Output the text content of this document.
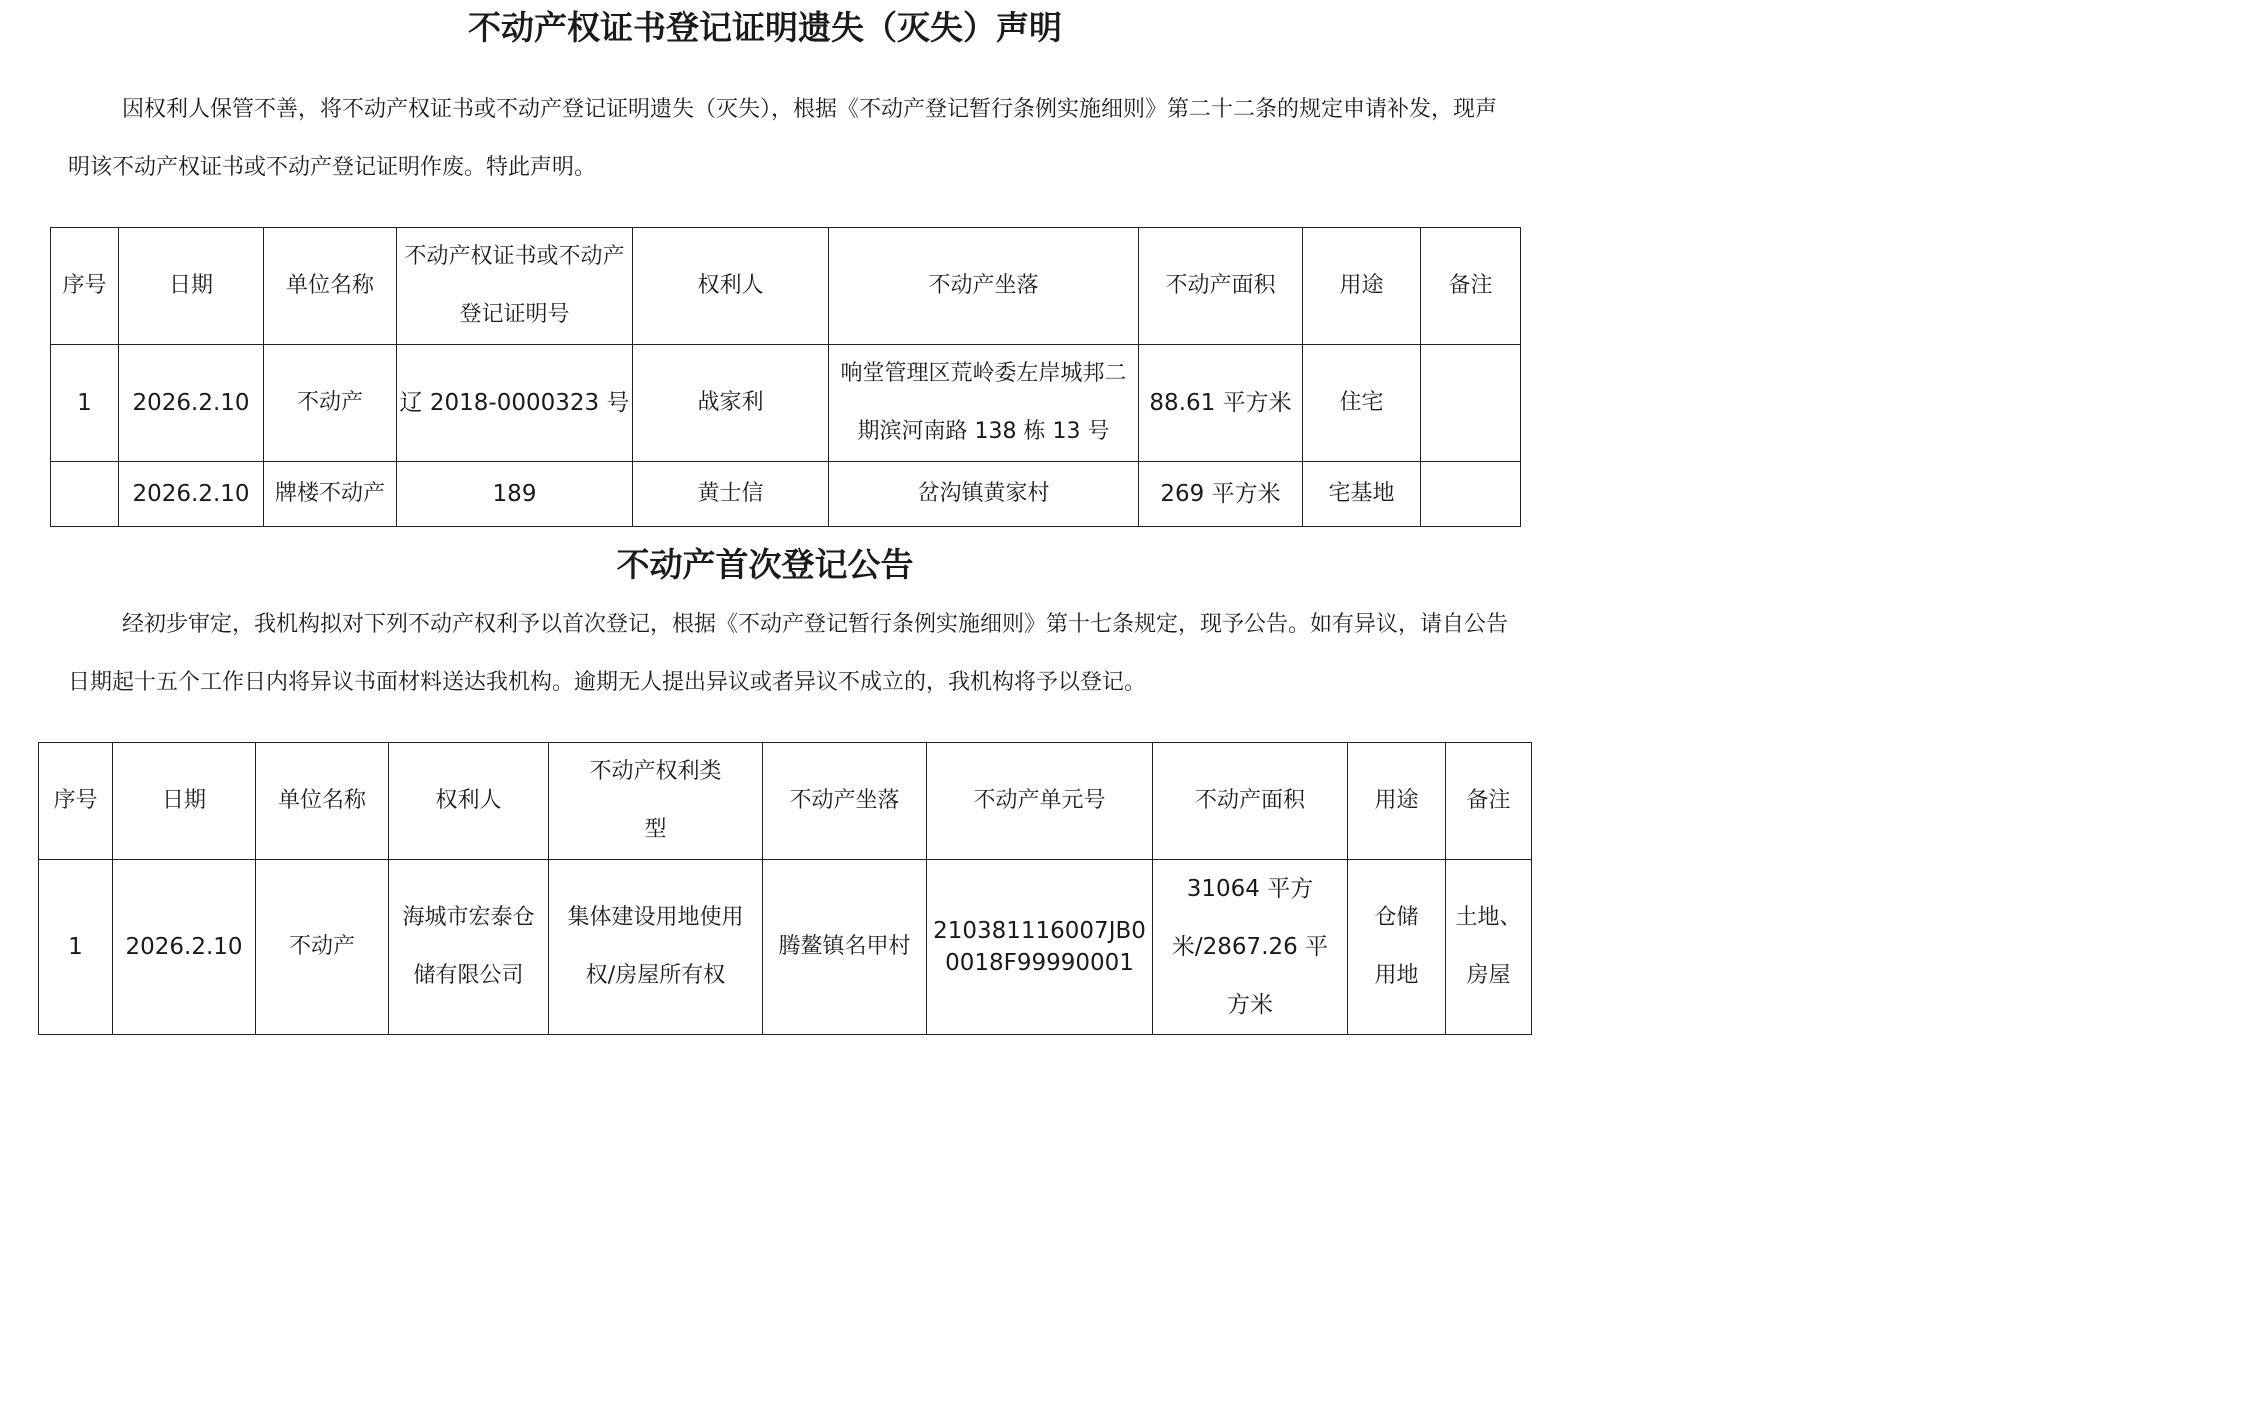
不动产权证书登记证明遗失（灭失）声明

因权利人保管不善，将不动产权证书或不动产登记证明遗失（灭失），根据《不动产登记暂行条例实施细则》第二十二条的规定申请补发，现声明该不动产权证书或不动产登记证明作废。特此声明。

序号	日期	单位名称	不动产权证书或不动产登记证明号	权利人	不动产坐落	不动产面积	用途	备注
1	2026.2.10	不动产	辽 2018-0000323 号	战家利	响堂管理区荒岭委左岸城邦二期滨河南路 138 栋 13 号	88.61 平方米	住宅	
	2026.2.10	牌楼不动产	189	黄士信	岔沟镇黄家村	269 平方米	宅基地	
不动产首次登记公告

经初步审定，我机构拟对下列不动产权利予以首次登记，根据《不动产登记暂行条例实施细则》第十七条规定，现予公告。如有异议，请自公告日期起十五个工作日内将异议书面材料送达我机构。逾期无人提出异议或者异议不成立的，我机构将予以登记。

序号	日期	单位名称	权利人	不动产权利类型	不动产坐落	不动产单元号	不动产面积	用途	备注
1	2026.2.10	不动产	海城市宏泰仓储有限公司	集体建设用地使用权/房屋所有权	腾鳌镇名甲村	210381116007JB00018F99990001	31064 平方米/2867.26 平方米	仓储用地	土地、房屋
